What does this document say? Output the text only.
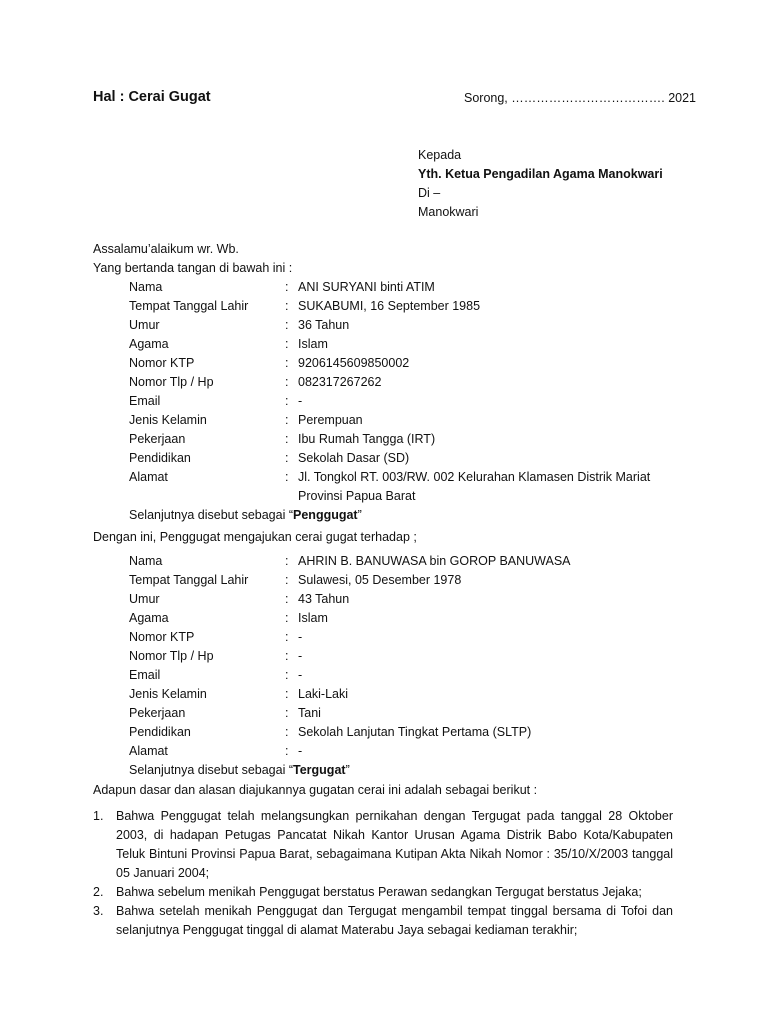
Hal : Cerai Gugat	Sorong, ………………………………. 2021
Kepada
Yth. Ketua Pengadilan Agama Manokwari
Di –
Manokwari
Assalamu’alaikum wr. Wb.
Yang bertanda tangan di bawah ini :
Nama	: ANI SURYANI binti ATIM
Tempat Tanggal Lahir	: SUKABUMI, 16 September 1985
Umur	: 36 Tahun
Agama	: Islam
Nomor KTP	: 9206145609850002
Nomor Tlp / Hp	: 082317267262
Email	: -
Jenis Kelamin	: Perempuan
Pekerjaan	: Ibu Rumah Tangga (IRT)
Pendidikan	: Sekolah Dasar (SD)
Alamat	: Jl. Tongkol RT. 003/RW. 002 Kelurahan Klamasen Distrik Mariat Provinsi Papua Barat
Selanjutnya disebut sebagai “Penggugat”
Dengan ini, Penggugat mengajukan cerai gugat terhadap ;
Nama	: AHRIN B. BANUWASA bin GOROP BANUWASA
Tempat Tanggal Lahir	: Sulawesi, 05 Desember 1978
Umur	: 43 Tahun
Agama	: Islam
Nomor KTP	: -
Nomor Tlp / Hp	: -
Email	: -
Jenis Kelamin	: Laki-Laki
Pekerjaan	: Tani
Pendidikan	: Sekolah Lanjutan Tingkat Pertama (SLTP)
Alamat	: -
Selanjutnya disebut sebagai “Tergugat”
Adapun dasar dan alasan diajukannya gugatan cerai ini adalah sebagai berikut :
1. Bahwa Penggugat telah melangsungkan pernikahan dengan Tergugat pada tanggal 28 Oktober 2003, di hadapan Petugas Pancatat Nikah Kantor Urusan Agama Distrik Babo Kota/Kabupaten Teluk Bintuni Provinsi Papua Barat, sebagaimana Kutipan Akta Nikah Nomor : 35/10/X/2003 tanggal 05 Januari 2004;
2. Bahwa sebelum menikah Penggugat berstatus Perawan sedangkan Tergugat berstatus Jejaka;
3. Bahwa setelah menikah Penggugat dan Tergugat mengambil tempat tinggal bersama di Tofoi dan selanjutnya Penggugat tinggal di alamat Materabu Jaya sebagai kediaman terakhir;
